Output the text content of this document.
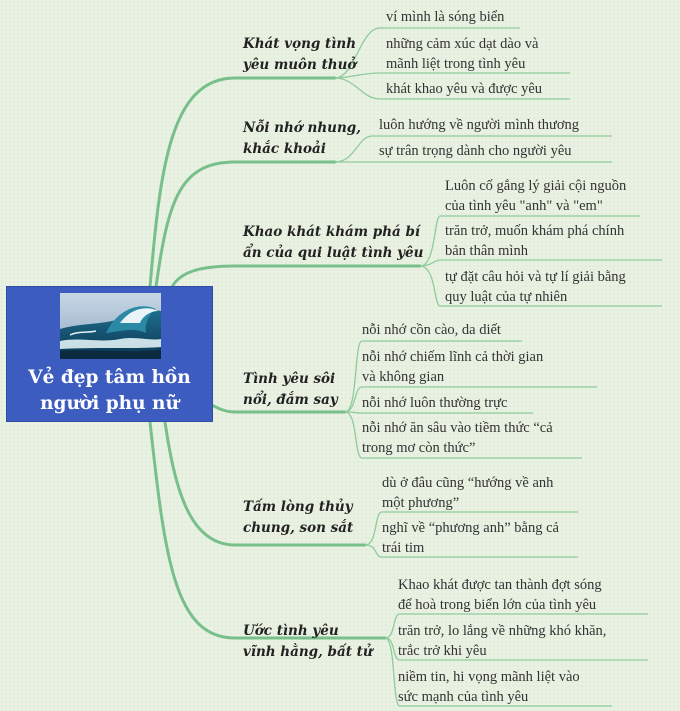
Vẻ đẹp tâm hồn
người phụ nữ
Khát vọng tình
yêu muôn thuở
ví mình là sóng biển
những cảm xúc dạt dào và
mãnh liệt trong tình yêu
khát khao yêu và được yêu
Nỗi nhớ nhung,
khắc khoải
luôn hướng về người mình thương
sự trân trọng dành cho người yêu
Khao khát khám phá bí
ẩn của qui luật tình yêu
Luôn cố gắng lý giải cội nguồn
của tình yêu "anh" và "em"
trăn trở, muốn khám phá chính
bản thân mình
tự đặt câu hỏi và tự lí giải bằng
quy luật của tự nhiên
Tình yêu sôi
nổi, đắm say
nỗi nhớ cồn cào, da diết
nỗi nhớ chiếm lĩnh cả thời gian
và không gian
nỗi nhớ luôn thường trực
nỗi nhớ ăn sâu vào tiềm thức “cả
trong mơ còn thức”
Tấm lòng thủy
chung, son sắt
dù ở đâu cũng “hướng về anh
một phương”
nghĩ về “phương anh” bằng cả
trái tim
Ước tình yêu
vĩnh hằng, bất tử
Khao khát được tan thành đợt sóng
để hoà trong biển lớn của tình yêu
trăn trở, lo lắng về những khó khăn,
trắc trở khi yêu
niềm tin, hi vọng mãnh liệt vào
sức mạnh của tình yêu
